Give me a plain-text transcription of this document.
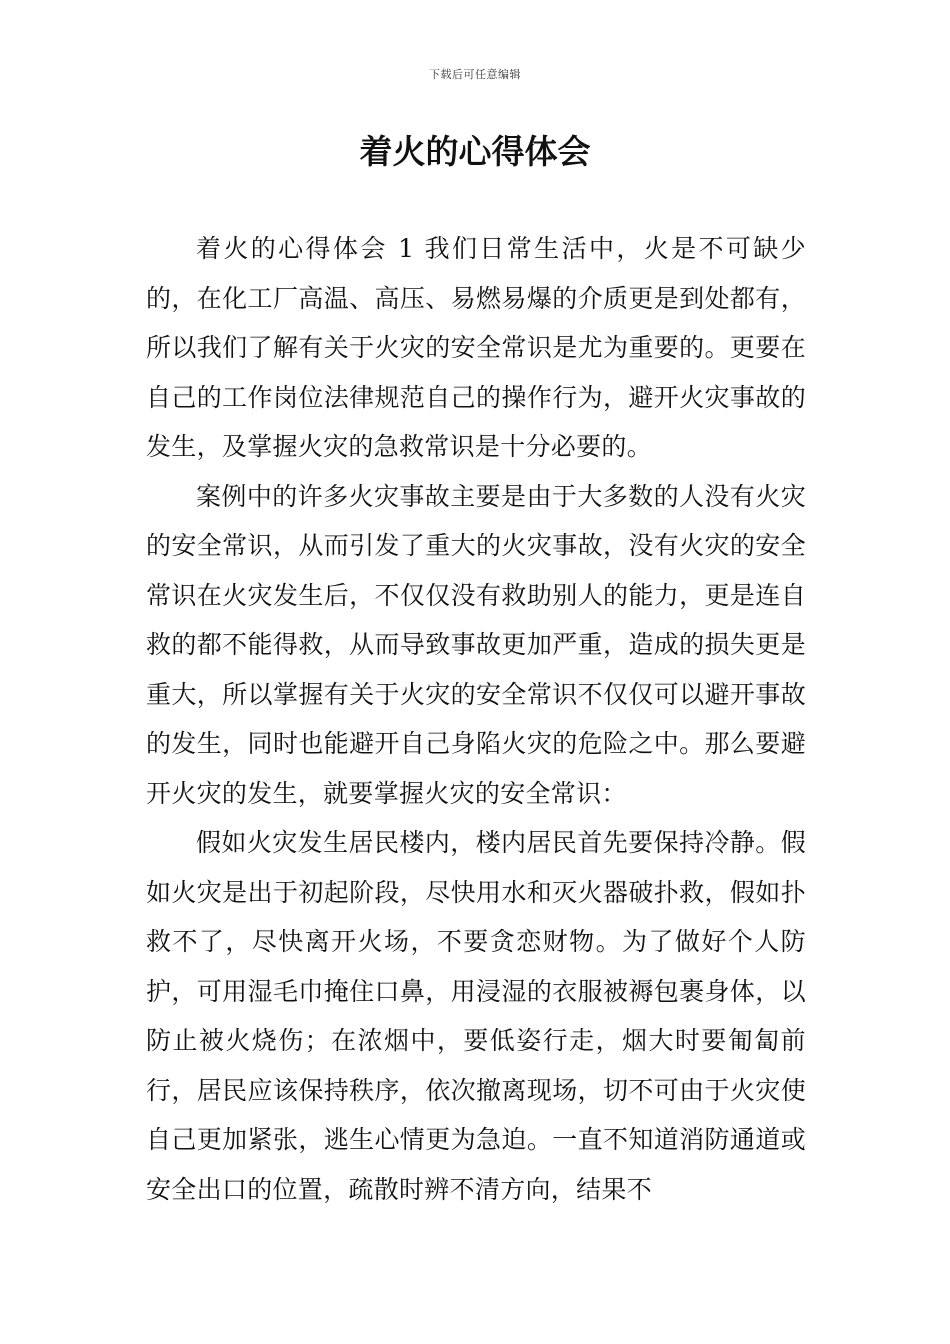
下载后可任意编辑
着火的心得体会

着火的心得体会 1 我们日常生活中，火是不可缺少的，在化工厂高温、高压、易燃易爆的介质更是到处都有，所以我们了解有关于火灾的安全常识是尤为重要的。更要在自己的工作岗位法律规范自己的操作行为，避开火灾事故的发生，及掌握火灾的急救常识是十分必要的。

案例中的许多火灾事故主要是由于大多数的人没有火灾的安全常识，从而引发了重大的火灾事故，没有火灾的安全常识在火灾发生后，不仅仅没有救助别人的能力，更是连自救的都不能得救，从而导致事故更加严重，造成的损失更是重大，所以掌握有关于火灾的安全常识不仅仅可以避开事故的发生，同时也能避开自己身陷火灾的危险之中。那么要避开火灾的发生，就要掌握火灾的安全常识：

假如火灾发生居民楼内，楼内居民首先要保持冷静。假如火灾是出于初起阶段，尽快用水和灭火器破扑救，假如扑救不了，尽快离开火场，不要贪恋财物。为了做好个人防护，可用湿毛巾掩住口鼻，用浸湿的衣服被褥包裹身体，以防止被火烧伤；在浓烟中，要低姿行走，烟大时要匍匐前行，居民应该保持秩序，依次撤离现场，切不可由于火灾使自己更加紧张，逃生心情更为急迫。一直不知道消防通道或安全出口的位置，疏散时辨不清方向，结果不
